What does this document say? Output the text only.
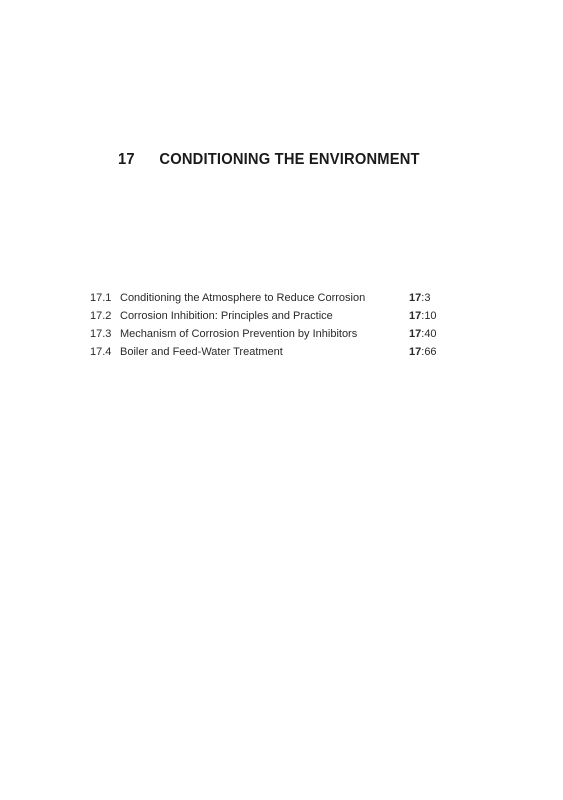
17 CONDITIONING THE ENVIRONMENT
17.1 Conditioning the Atmosphere to Reduce Corrosion	17:3
17.2 Corrosion Inhibition: Principles and Practice	17:10
17.3 Mechanism of Corrosion Prevention by Inhibitors	17:40
17.4 Boiler and Feed-Water Treatment	17:66
